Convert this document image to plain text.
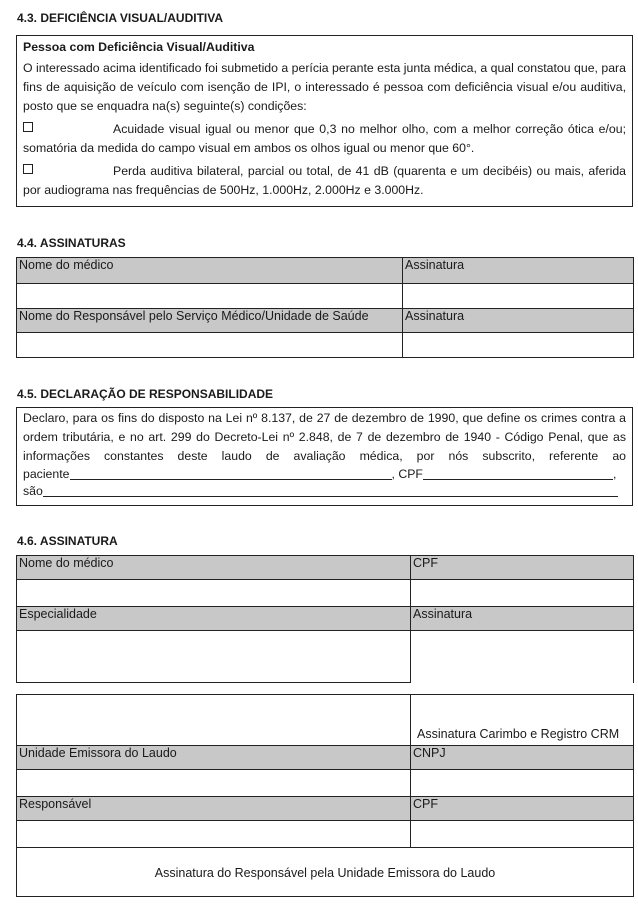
4.3. DEFICIÊNCIA VISUAL/AUDITIVA

Pessoa com Deficiência Visual/Auditiva

O interessado acima identificado foi submetido a perícia perante esta junta médica, a qual constatou que, para fins de aquisição de veículo com isenção de IPI, o interessado é pessoa com deficiência visual e/ou auditiva, posto que se enquadra na(s) seguinte(s) condições:

Acuidade visual igual ou menor que 0,3 no melhor olho, com a melhor correção ótica e/ou; somatória da medida do campo visual em ambos os olhos igual ou menor que 60°.

Perda auditiva bilateral, parcial ou total, de 41 dB (quarenta e um decibéis) ou mais, aferida por audiograma nas frequências de 500Hz, 1.000Hz, 2.000Hz e 3.000Hz.

4.4. ASSINATURAS
Nome do médico	Assinatura

Nome do Responsável pelo Serviço Médico/Unidade de Saúde	Assinatura

4.5. DECLARAÇÃO DE RESPONSABILIDADE

Declaro, para os fins do disposto na Lei nº 8.137, de 27 de dezembro de 1990, que define os crimes contra a ordem tributária, e no art. 299 do Decreto-Lei nº 2.848, de 7 de dezembro de 1940 - Código Penal, que as informações constantes deste laudo de avaliação médica, por nós subscrito, referente ao

paciente	, CPF	,

são

4.6. ASSINATURA
Nome do médico	CPF

Especialidade	Assinatura

	Assinatura Carimbo e Registro CRM
Unidade Emissora do Laudo	CNPJ

Responsável	CPF

Assinatura do Responsável pela Unidade Emissora do Laudo	
